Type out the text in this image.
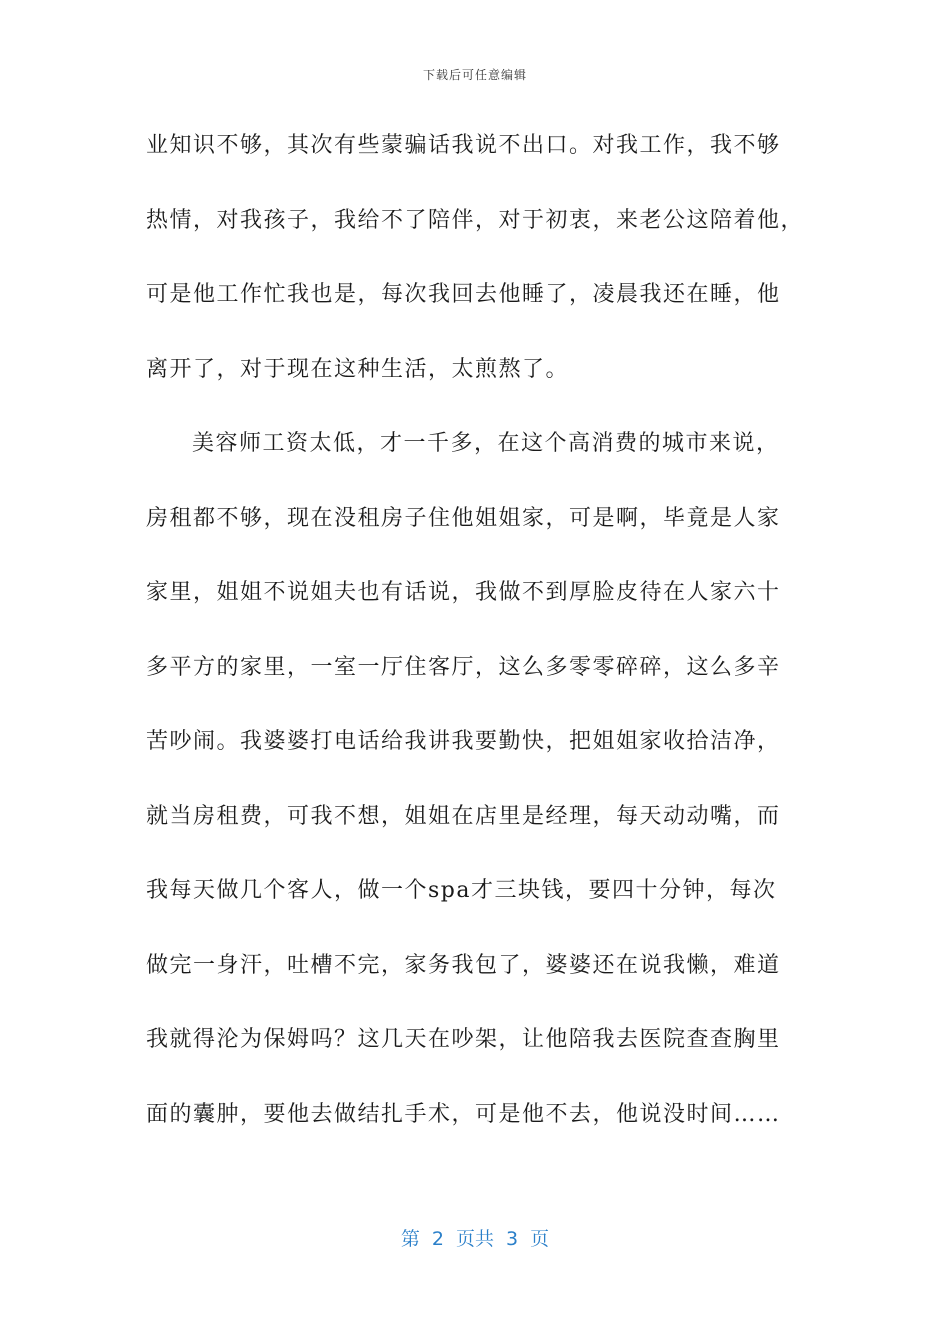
下载后可任意编辑
业知识不够，其次有些蒙骗话我说不出口。对我工作，我不够
热情，对我孩子，我给不了陪伴，对于初衷，来老公这陪着他，
可是他工作忙我也是，每次我回去他睡了，凌晨我还在睡，他
离开了，对于现在这种生活，太煎熬了。
美容师工资太低，才一千多，在这个高消费的城市来说，
房租都不够，现在没租房子住他姐姐家，可是啊，毕竟是人家
家里，姐姐不说姐夫也有话说，我做不到厚脸皮待在人家六十
多平方的家里，一室一厅住客厅，这么多零零碎碎，这么多辛
苦吵闹。我婆婆打电话给我讲我要勤快，把姐姐家收拾洁净，
就当房租费，可我不想，姐姐在店里是经理，每天动动嘴，而
我每天做几个客人，做一个spa才三块钱，要四十分钟，每次
做完一身汗，吐槽不完，家务我包了，婆婆还在说我懒，难道
我就得沦为保姆吗？这几天在吵架，让他陪我去医院查查胸里
面的囊肿，要他去做结扎手术，可是他不去，他说没时间……
第 2 页共 3 页
